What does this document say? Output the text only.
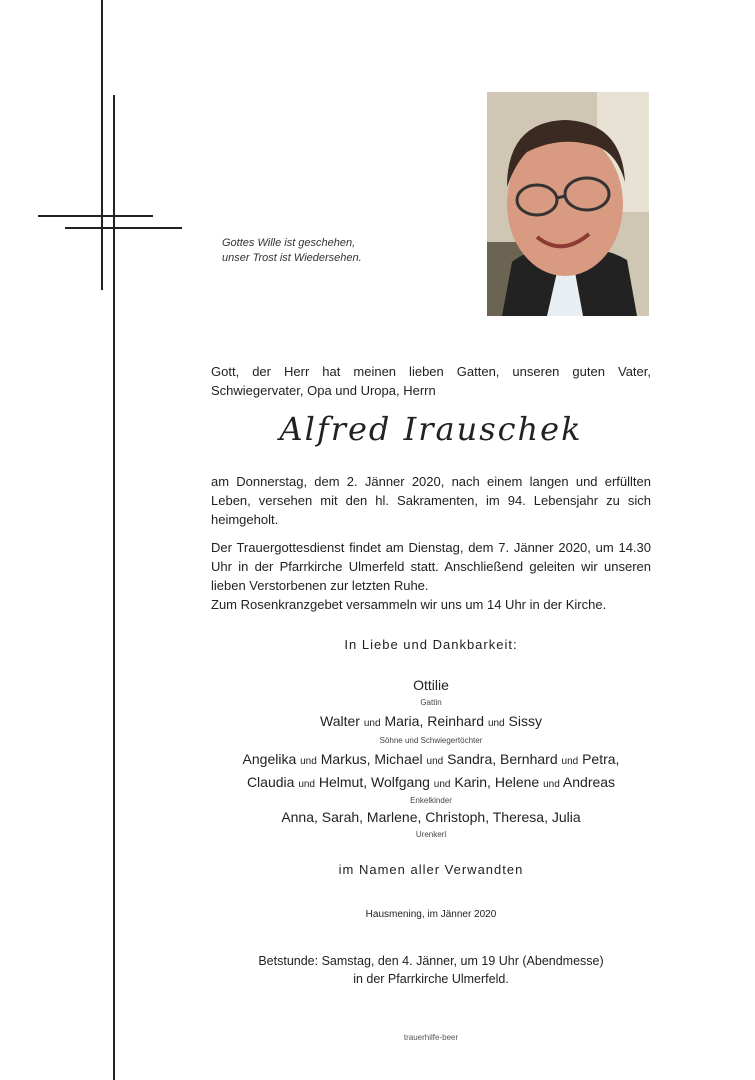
Gottes Wille ist geschehen,
unser Trost ist Wiedersehen.
Gott, der Herr hat meinen lieben Gatten, unseren guten Vater, Schwiegervater, Opa und Uropa, Herrn
Alfred Irauschek
am Donnerstag, dem 2. Jänner 2020, nach einem langen und erfüllten Leben, versehen mit den hl. Sakramenten, im 94. Lebensjahr zu sich heimgeholt.
Der Trauergottesdienst findet am Dienstag, dem 7. Jänner 2020, um 14.30 Uhr in der Pfarrkirche Ulmerfeld statt. Anschließend geleiten wir unseren lieben Verstorbenen zur letzten Ruhe.
Zum Rosenkranzgebet versammeln wir uns um 14 Uhr in der Kirche.
In Liebe und Dankbarkeit:
Ottilie
Gattin
Walter und Maria, Reinhard und Sissy
Söhne und Schwiegertöchter
Angelika und Markus, Michael und Sandra, Bernhard und Petra,
Claudia und Helmut, Wolfgang und Karin, Helene und Andreas
Enkelkinder
Anna, Sarah, Marlene, Christoph, Theresa, Julia
Urenkerl
im Namen aller Verwandten
Hausmening, im Jänner 2020
Betstunde: Samstag, den 4. Jänner, um 19 Uhr (Abendmesse)
in der Pfarrkirche Ulmerfeld.
trauerhilfe-beer
